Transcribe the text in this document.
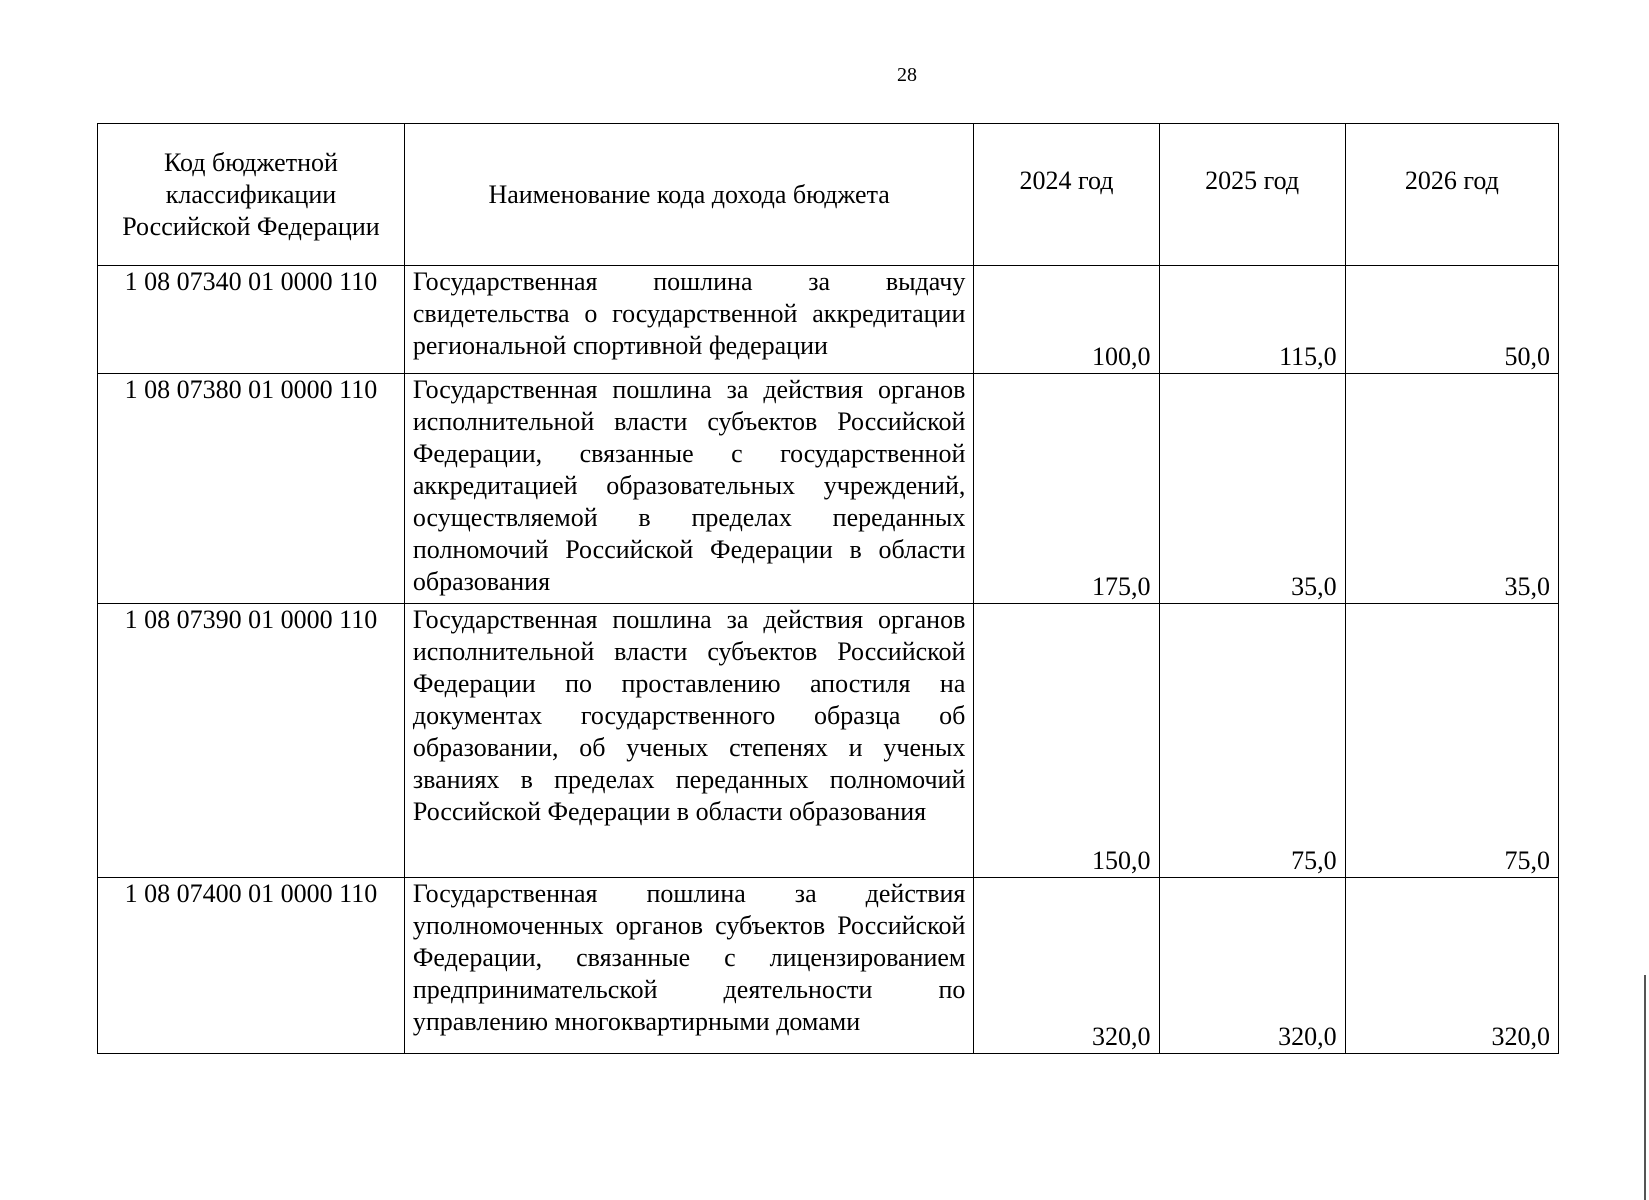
28
Код бюджетной классификации Российской Федерации	Наименование кода дохода бюджета	2024 год	2025 год	2026 год
1 08 07340 01 0000 110	Государственная пошлина за выдачу свидетельства о государственной аккредитации региональной спортивной федерации	100,0	115,0	50,0
1 08 07380 01 0000 110	Государственная пошлина за действия органов исполнительной власти субъектов Российской Федерации, связанные с государственной аккредитацией образовательных учреждений, осуществляемой в пределах переданных полномочий Российской Федерации в области образования	175,0	35,0	35,0
1 08 07390 01 0000 110	Государственная пошлина за действия органов исполнительной власти субъектов Российской Федерации по проставлению апостиля на документах государственного образца об образовании, об ученых степенях и ученых званиях в пределах переданных полномочий Российской Федерации в области образования	150,0	75,0	75,0
1 08 07400 01 0000 110	Государственная пошлина за действия уполномоченных органов субъектов Российской Федерации, связанные с лицензированием предпринимательской деятельности по управлению многоквартирными домами	320,0	320,0	320,0
